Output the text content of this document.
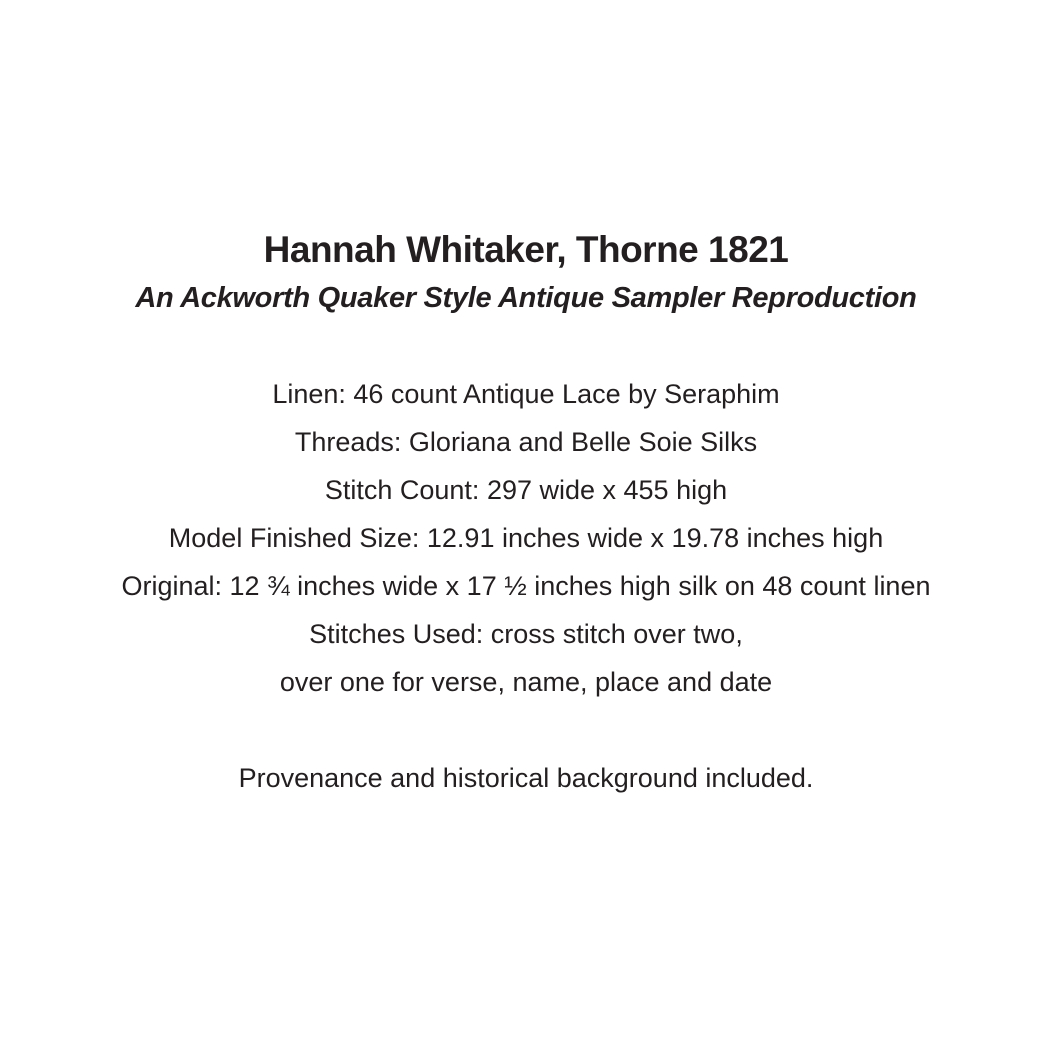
Hannah Whitaker, Thorne 1821
An Ackworth Quaker Style Antique Sampler Reproduction
Linen: 46 count Antique Lace by Seraphim
Threads: Gloriana and Belle Soie Silks
Stitch Count: 297 wide x 455 high
Model Finished Size: 12.91 inches wide x 19.78 inches high
Original: 12 ¾ inches wide x 17 ½ inches high silk on 48 count linen
Stitches Used: cross stitch over two,
over one for verse, name, place and date
Provenance and historical background included.
